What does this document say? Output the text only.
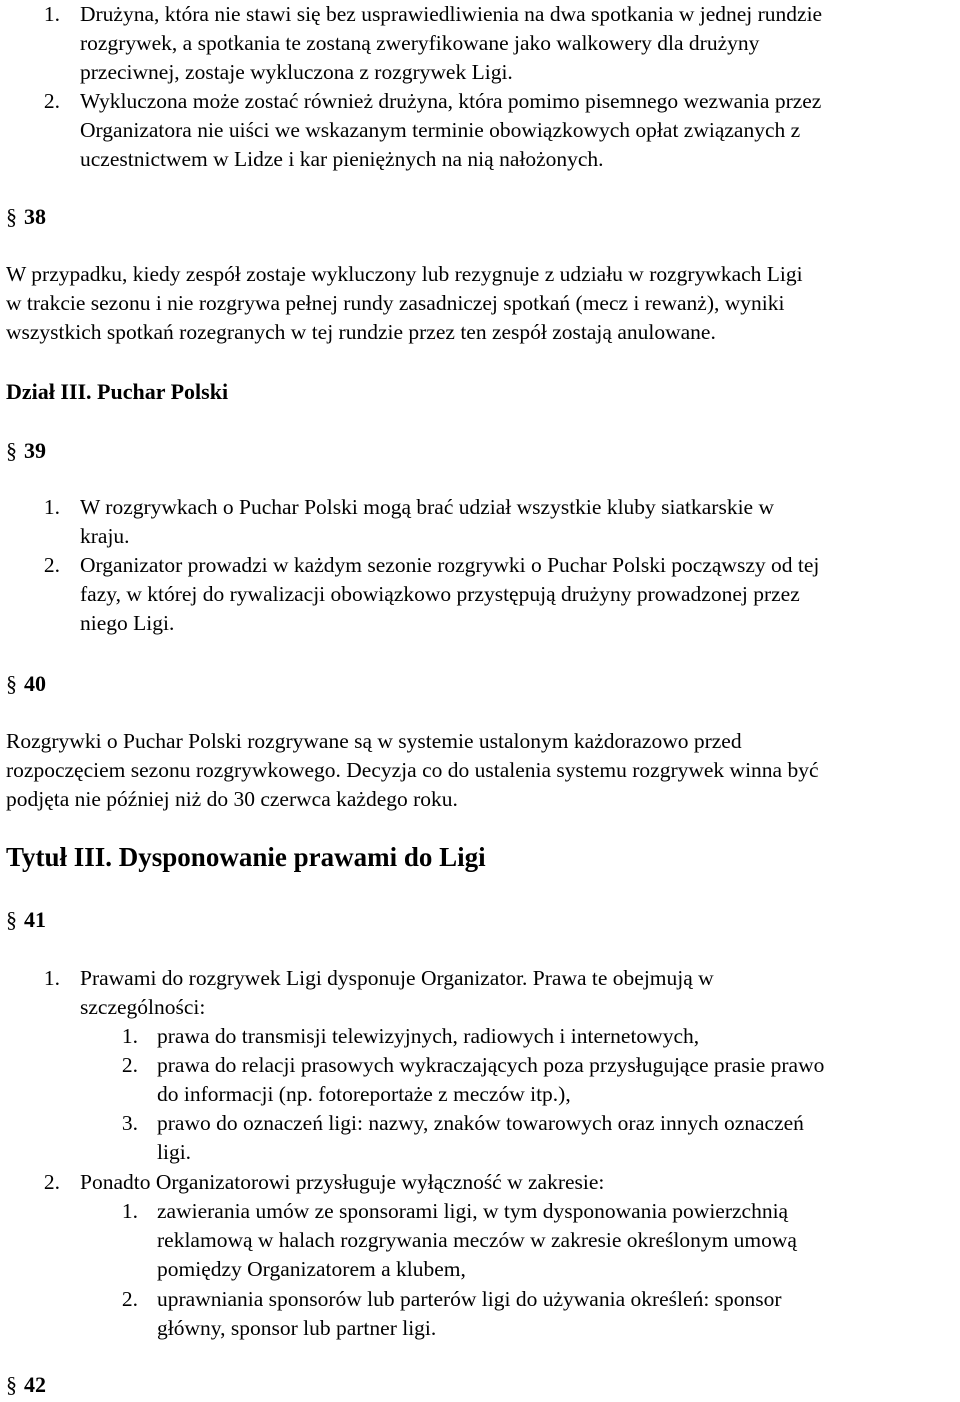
1. Drużyna, która nie stawi się bez usprawiedliwienia na dwa spotkania w jednej rundzie
rozgrywek, a spotkania te zostaną zweryfikowane jako walkowery dla drużyny
przeciwnej, zostaje wykluczona z rozgrywek Ligi.
2. Wykluczona może zostać również drużyna, która pomimo pisemnego wezwania przez
Organizatora nie uiści we wskazanym terminie obowiązkowych opłat związanych z
uczestnictwem w Lidze i kar pieniężnych na nią nałożonych.
§ 38
W przypadku, kiedy zespół zostaje wykluczony lub rezygnuje z udziału w rozgrywkach Ligi
w trakcie sezonu i nie rozgrywa pełnej rundy zasadniczej spotkań (mecz i rewanż), wyniki
wszystkich spotkań rozegranych w tej rundzie przez ten zespół zostają anulowane.
Dział III. Puchar Polski
§ 39
1. W rozgrywkach o Puchar Polski mogą brać udział wszystkie kluby siatkarskie w
kraju.
2. Organizator prowadzi w każdym sezonie rozgrywki o Puchar Polski począwszy od tej
fazy, w której do rywalizacji obowiązkowo przystępują drużyny prowadzonej przez
niego Ligi.
§ 40
Rozgrywki o Puchar Polski rozgrywane są w systemie ustalonym każdorazowo przed
rozpoczęciem sezonu rozgrywkowego. Decyzja co do ustalenia systemu rozgrywek winna być
podjęta nie później niż do 30 czerwca każdego roku.
Tytuł III. Dysponowanie prawami do Ligi
§ 41
1. Prawami do rozgrywek Ligi dysponuje Organizator. Prawa te obejmują w
szczególności:
1. prawa do transmisji telewizyjnych, radiowych i internetowych,
2. prawa do relacji prasowych wykraczających poza przysługujące prasie prawo
do informacji (np. fotoreportaże z meczów itp.),
3. prawo do oznaczeń ligi: nazwy, znaków towarowych oraz innych oznaczeń
ligi.
2. Ponadto Organizatorowi przysługuje wyłączność w zakresie:
1. zawierania umów ze sponsorami ligi, w tym dysponowania powierzchnią
reklamową w halach rozgrywania meczów w zakresie określonym umową
pomiędzy Organizatorem a klubem,
2. uprawniania sponsorów lub parterów ligi do używania określeń: sponsor
główny, sponsor lub partner ligi.
§ 42
